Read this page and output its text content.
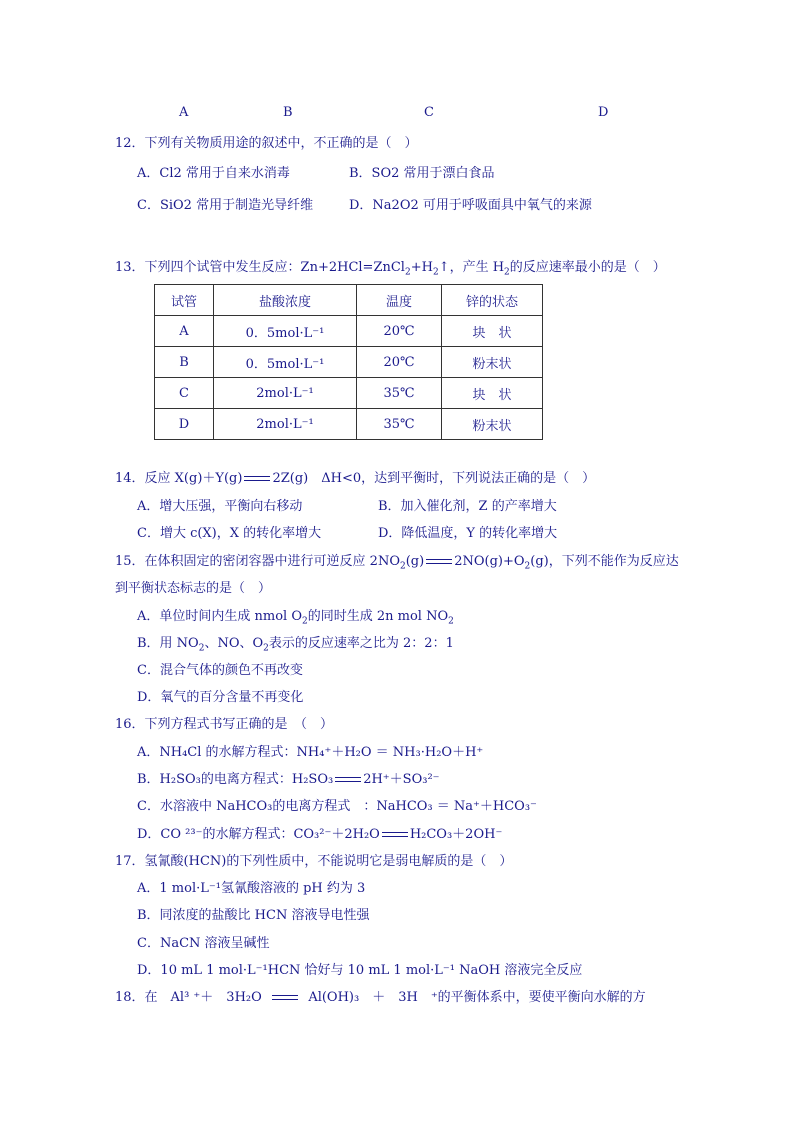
A	B	C	D
12．下列有关物质用途的叙述中，不正确的是（　）
A．Cl2 常用于自来水消毒	B．SO2 常用于漂白食品
C．SiO2 常用于制造光导纤维	D．Na2O2 可用于呼吸面具中氧气的来源
13．下列四个试管中发生反应：$Zn+2HCl=ZnCl_2+H_2↑$，产生 $H_2$的反应速率最小的是（　）
试管	盐酸浓度	温度	锌的状态
A	0．5mol·L⁻¹	20℃	块　状
B	0．5mol·L⁻¹	20℃	粉末状
C	2mol·L⁻¹	35℃	块　状
D	2mol·L⁻¹	35℃	粉末状
14．反应 X(g)＋Y(g) 2Z(g)　ΔH<0，达到平衡时，下列说法正确的是（　）
A．增大压强，平衡向右移动	B．加入催化剂，Z 的产率增大
C．增大 c(X)，X 的转化率增大	D．降低温度，Y 的转化率增大
15．在体积固定的密闭容器中进行可逆反应 $2NO_2(g)$ $2NO(g)+O_2(g)$，下列不能作为反应达
到平衡状态标志的是（　）
A．单位时间内生成 nmol $O_2$的同时生成 2n mol $NO_2$
B．用 $NO_2$、NO、$O_2$表示的反应速率之比为 2：2：1
C．混合气体的颜色不再改变
D．氧气的百分含量不再变化
16．下列方程式书写正确的是　（　）
A．NH₄Cl 的水解方程式：NH₄⁺＋H₂O ＝ NH₃·H₂O＋H⁺
B．H₂SO₃的电离方程式：H₂SO₃ 2H⁺＋SO₃²⁻
C．水溶液中 NaHCO₃的电离方程式　：NaHCO₃ ＝ Na⁺＋HCO₃⁻
D．CO ²³⁻的水解方程式：CO₃²⁻＋2H₂O H₂CO₃＋2OH⁻
17．氢氰酸(HCN)的下列性质中，不能说明它是弱电解质的是（　）
A．1 mol·L⁻¹氢氰酸溶液的 pH 约为 3
B．同浓度的盐酸比 HCN 溶液导电性强
C．NaCN 溶液呈碱性
D．10 mL 1 mol·L⁻¹HCN 恰好与 10 mL 1 mol·L⁻¹ NaOH 溶液完全反应
18．在　Al³ ⁺＋　3H₂O	Al(OH)₃　＋　3H　⁺的平衡体系中，要使平衡向水解的方
